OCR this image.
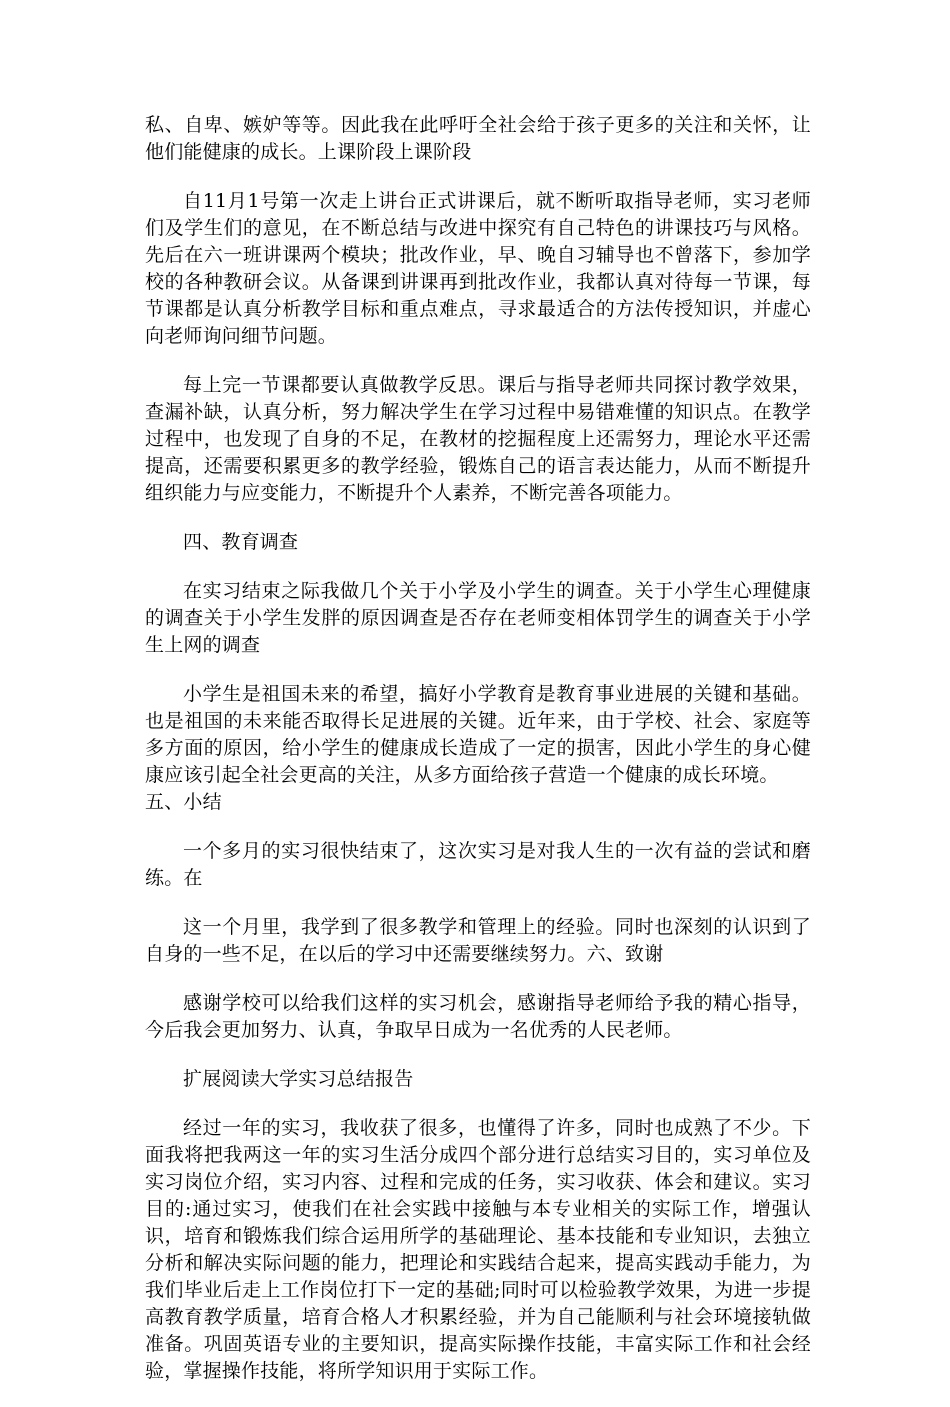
私、自卑、嫉妒等等。因此我在此呼吁全社会给于孩子更多的关注和关怀，让他们能健康的成长。上课阶段上课阶段

自11月1号第一次走上讲台正式讲课后，就不断听取指导老师，实习老师们及学生们的意见，在不断总结与改进中探究有自己特色的讲课技巧与风格。先后在六一班讲课两个模块；批改作业，早、晚自习辅导也不曾落下，参加学校的各种教研会议。从备课到讲课再到批改作业，我都认真对待每一节课，每节课都是认真分析教学目标和重点难点，寻求最适合的方法传授知识，并虚心向老师询问细节问题。

每上完一节课都要认真做教学反思。课后与指导老师共同探讨教学效果，查漏补缺，认真分析，努力解决学生在学习过程中易错难懂的知识点。在教学过程中，也发现了自身的不足，在教材的挖掘程度上还需努力，理论水平还需提高，还需要积累更多的教学经验，锻炼自己的语言表达能力，从而不断提升组织能力与应变能力，不断提升个人素养，不断完善各项能力。

四、教育调查

在实习结束之际我做几个关于小学及小学生的调查。关于小学生心理健康的调查关于小学生发胖的原因调查是否存在老师变相体罚学生的调查关于小学生上网的调查

小学生是祖国未来的希望，搞好小学教育是教育事业进展的关键和基础。也是祖国的未来能否取得长足进展的关键。近年来，由于学校、社会、家庭等多方面的原因，给小学生的健康成长造成了一定的损害，因此小学生的身心健康应该引起全社会更高的关注，从多方面给孩子营造一个健康的成长环境。

五、小结

一个多月的实习很快结束了，这次实习是对我人生的一次有益的尝试和磨练。在

这一个月里，我学到了很多教学和管理上的经验。同时也深刻的认识到了自身的一些不足，在以后的学习中还需要继续努力。六、致谢

感谢学校可以给我们这样的实习机会，感谢指导老师给予我的精心指导，今后我会更加努力、认真，争取早日成为一名优秀的人民老师。

扩展阅读大学实习总结报告

经过一年的实习，我收获了很多，也懂得了许多，同时也成熟了不少。下面我将把我两这一年的实习生活分成四个部分进行总结实习目的，实习单位及实习岗位介绍，实习内容、过程和完成的任务，实习收获、体会和建议。实习目的:通过实习，使我们在社会实践中接触与本专业相关的实际工作，增强认识，培育和锻炼我们综合运用所学的基础理论、基本技能和专业知识，去独立分析和解决实际问题的能力，把理论和实践结合起来，提高实践动手能力，为我们毕业后走上工作岗位打下一定的基础;同时可以检验教学效果，为进一步提高教育教学质量，培育合格人才积累经验，并为自己能顺利与社会环境接轨做准备。巩固英语专业的主要知识，提高实际操作技能，丰富实际工作和社会经验，掌握操作技能，将所学知识用于实际工作。
